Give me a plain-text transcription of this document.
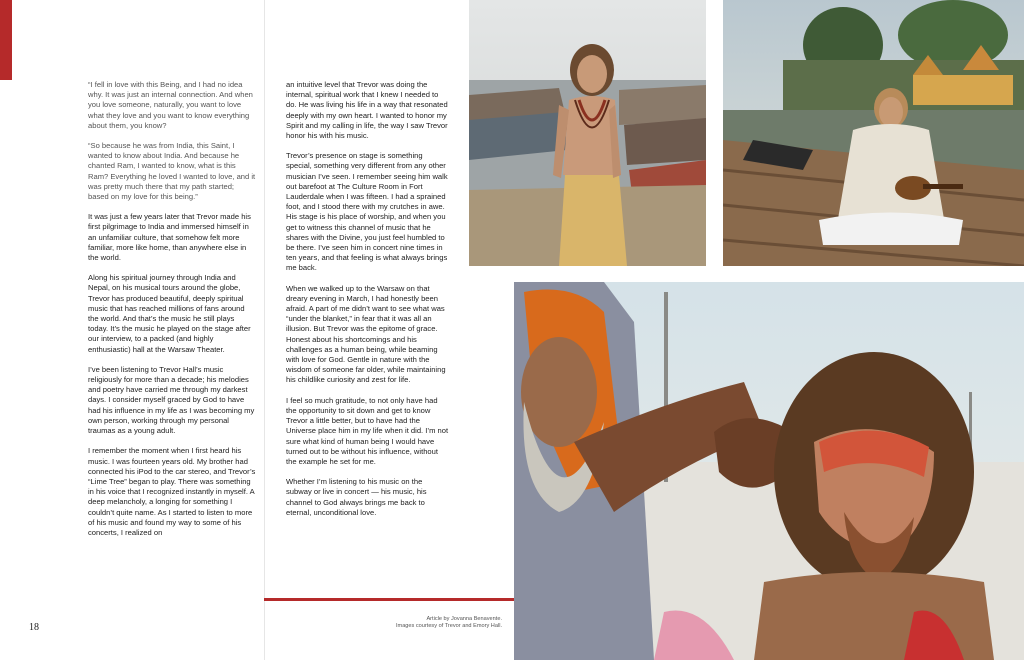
“I fell in love with this Being, and I had no idea why. It was just an internal connection. And when you love someone, naturally, you want to love what they love and you want to know everything about them, you know?

“So because he was from India, this Saint, I wanted to know about India. And because he chanted Ram, I wanted to know, what is this Ram? Everything he loved I wanted to love, and it was pretty much there that my path started; based on my love for this being.”

It was just a few years later that Trevor made his first pilgrimage to India and immersed himself in an unfamiliar culture, that somehow felt more familiar, more like home, than anywhere else in the world.

Along his spiritual journey through India and Nepal, on his musical tours around the globe, Trevor has produced beautiful, deeply spiritual music that has reached millions of fans around the world. And that’s the music he still plays today. It’s the music he played on the stage after our interview, to a packed (and highly enthusiastic) hall at the Warsaw Theater.

I’ve been listening to Trevor Hall’s music religiously for more than a decade; his melodies and poetry have carried me through my darkest days. I consider myself graced by God to have had his influence in my life as I was becoming my own person, working through my personal traumas as a young adult.

I remember the moment when I first heard his music. I was fourteen years old. My brother had connected his iPod to the car stereo, and Trevor’s “Lime Tree” began to play. There was something in his voice that I recognized instantly in myself. A deep melancholy, a longing for something I couldn’t quite name. As I started to listen to more of his music and found my way to some of his concerts, I realized on

an intuitive level that Trevor was doing the internal, spiritual work that I knew I needed to do. He was living his life in a way that resonated deeply with my own heart. I wanted to honor my Spirit and my calling in life, the way I saw Trevor honor his with his music.

Trevor’s presence on stage is something special, something very different from any other musician I’ve seen. I remember seeing him walk out barefoot at The Culture Room in Fort Lauderdale when I was fifteen. I had a sprained foot, and I stood there with my crutches in awe. His stage is his place of worship, and when you get to witness this channel of music that he shares with the Divine, you just feel humbled to be there. I’ve seen him in concert nine times in ten years, and that feeling is what always brings me back.

When we walked up to the Warsaw on that dreary evening in March, I had honestly been afraid. A part of me didn’t want to see what was “under the blanket,” in fear that it was all an illusion. But Trevor was the epitome of grace. Honest about his shortcomings and his challenges as a human being, while beaming with love for God. Gentle in nature with the wisdom of someone far older, while maintaining his childlike curiosity and zest for life.

I feel so much gratitude, to not only have had the opportunity to sit down and get to know Trevor a little better, but to have had the Universe place him in my life when it did. I’m not sure what kind of human being I would have turned out to be without his influence, without the example he set for me.

Whether I’m listening to his music on the subway or live in concert — his music, his channel to God always brings me back to eternal, unconditional love.

Article by Jovanna Benavente.
Images courtesy of Trevor and Emory Hall.
18
